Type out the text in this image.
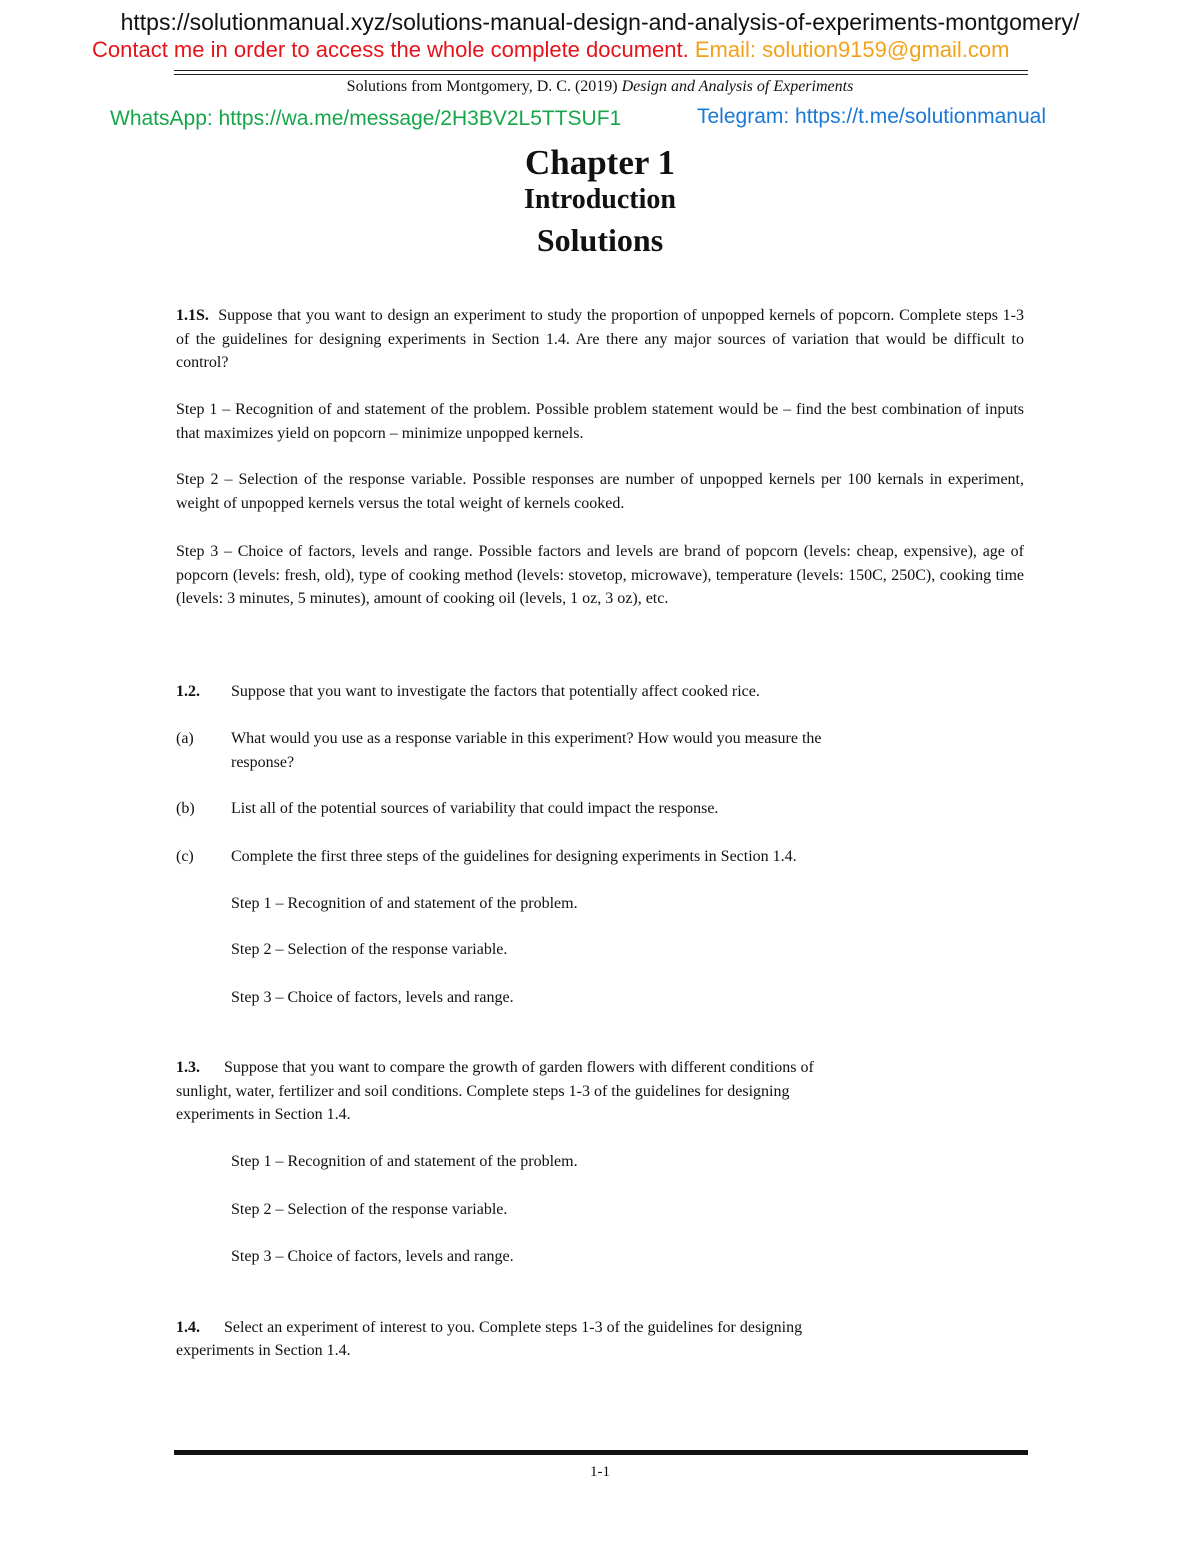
https://solutionmanual.xyz/solutions-manual-design-and-analysis-of-experiments-montgomery/
Contact me in order to access the whole complete document. Email: solution9159@gmail.com
Solutions from Montgomery, D. C. (2019) Design and Analysis of Experiments
WhatsApp: https://wa.me/message/2H3BV2L5TTSUF1	Telegram: https://t.me/solutionmanual
Chapter 1
Introduction
Solutions
1.1S. Suppose that you want to design an experiment to study the proportion of unpopped kernels of popcorn. Complete steps 1-3 of the guidelines for designing experiments in Section 1.4. Are there any major sources of variation that would be difficult to control?
Step 1 – Recognition of and statement of the problem. Possible problem statement would be – find the best combination of inputs that maximizes yield on popcorn – minimize unpopped kernels.
Step 2 – Selection of the response variable. Possible responses are number of unpopped kernels per 100 kernals in experiment, weight of unpopped kernels versus the total weight of kernels cooked.
Step 3 – Choice of factors, levels and range. Possible factors and levels are brand of popcorn (levels: cheap, expensive), age of popcorn (levels: fresh, old), type of cooking method (levels: stovetop, microwave), temperature (levels: 150C, 250C), cooking time (levels: 3 minutes, 5 minutes), amount of cooking oil (levels, 1 oz, 3 oz), etc.
1.2. Suppose that you want to investigate the factors that potentially affect cooked rice.
(a) What would you use as a response variable in this experiment? How would you measure the
response?
(b) List all of the potential sources of variability that could impact the response.
(c) Complete the first three steps of the guidelines for designing experiments in Section 1.4.
Step 1 – Recognition of and statement of the problem.
Step 2 – Selection of the response variable.
Step 3 – Choice of factors, levels and range.
1.3. Suppose that you want to compare the growth of garden flowers with different conditions of
sunlight, water, fertilizer and soil conditions. Complete steps 1-3 of the guidelines for designing
experiments in Section 1.4.
Step 1 – Recognition of and statement of the problem.
Step 2 – Selection of the response variable.
Step 3 – Choice of factors, levels and range.
1.4. Select an experiment of interest to you. Complete steps 1-3 of the guidelines for designing
experiments in Section 1.4.
1-1
